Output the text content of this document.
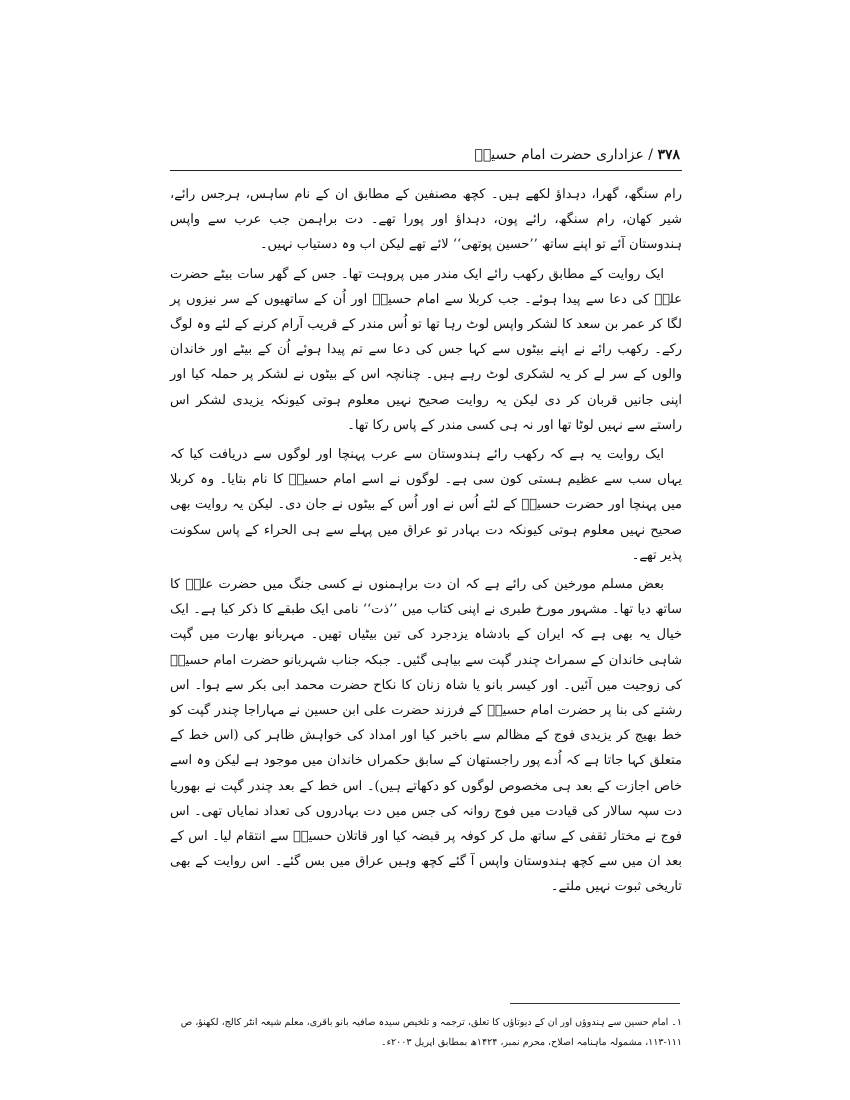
۳۷۸ / عزاداری حضرت امام حسینؑ

رام سنگھ، گھرا، دہداؤ لکھے ہیں۔ کچھ مصنفین کے مطابق ان کے نام ساہس، ہرجس رائے، شیر کھان، رام سنگھ، رائے پون، دہداؤ اور پورا تھے۔ دت براہمن جب عرب سے واپس ہندوستان آئے تو اپنے ساتھ ’’حسین پوتھی‘‘ لائے تھے لیکن اب وہ دستیاب نہیں۔

ایک روایت کے مطابق رکھب رائے ایک مندر میں پروہت تھا۔ جس کے گھر سات بیٹے حضرت علیؑ کی دعا سے پیدا ہوئے۔ جب کربلا سے امام حسینؑ اور اُن کے ساتھیوں کے سر نیزوں پر لگا کر عمر بن سعد کا لشکر واپس لوٹ رہا تھا تو اُس مندر کے قریب آرام کرنے کے لئے وہ لوگ رکے۔ رکھب رائے نے اپنے بیٹوں سے کہا جس کی دعا سے تم پیدا ہوئے اُن کے بیٹے اور خاندان والوں کے سر لے کر یہ لشکری لوٹ رہے ہیں۔ چنانچہ اس کے بیٹوں نے لشکر پر حملہ کیا اور اپنی جانیں قربان کر دی لیکن یہ روایت صحیح نہیں معلوم ہوتی کیونکہ یزیدی لشکر اس راستے سے نہیں لوٹا تھا اور نہ ہی کسی مندر کے پاس رکا تھا۔

ایک روایت یہ ہے کہ رکھب رائے ہندوستان سے عرب پہنچا اور لوگوں سے دریافت کیا کہ یہاں سب سے عظیم ہستی کون سی ہے۔ لوگوں نے اسے امام حسینؑ کا نام بتایا۔ وہ کربلا میں پہنچا اور حضرت حسینؑ کے لئے اُس نے اور اُس کے بیٹوں نے جان دی۔ لیکن یہ روایت بھی صحیح نہیں معلوم ہوتی کیونکہ دت بہادر تو عراق میں پہلے سے ہی الحراء کے پاس سکونت پذیر تھے۔

بعض مسلم مورخین کی رائے ہے کہ ان دت براہمنوں نے کسی جنگ میں حضرت علیؑ کا ساتھ دیا تھا۔ مشہور مورخ طبری نے اپنی کتاب میں ’’ذت‘‘ نامی ایک طبقے کا ذکر کیا ہے۔ ایک خیال یہ بھی ہے کہ ایران کے بادشاہ یزدجرد کی تین بیٹیاں تھیں۔ مہربانو بھارت میں گپت شاہی خاندان کے سمراٹ چندر گپت سے بیاہی گئیں۔ جبکہ جناب شہربانو حضرت امام حسینؑ کی زوجیت میں آئیں۔ اور کیسر بانو یا شاہ زنان کا نکاح حضرت محمد ابی بکر سے ہوا۔ اس رشتے کی بنا پر حضرت امام حسینؑ کے فرزند حضرت علی ابن حسین نے مہاراجا چندر گپت کو خط بھیج کر یزیدی فوج کے مظالم سے باخبر کیا اور امداد کی خواہش ظاہر کی (اس خط کے متعلق کہا جاتا ہے کہ اُدے پور راجستھان کے سابق حکمراں خاندان میں موجود ہے لیکن وہ اسے خاص اجازت کے بعد ہی مخصوص لوگوں کو دکھاتے ہیں)۔ اس خط کے بعد چندر گپت نے بھوریا دت سپہ سالار کی قیادت میں فوج روانہ کی جس میں دت بہادروں کی تعداد نمایاں تھی۔ اس فوج نے مختار ثقفی کے ساتھ مل کر کوفہ پر قبضہ کیا اور قاتلان حسینؑ سے انتقام لیا۔ اس کے بعد ان میں سے کچھ ہندوستان واپس آ گئے کچھ وہیں عراق میں بس گئے۔ اس روایت کے بھی تاریخی ثبوت نہیں ملتے۔

۱۔ امام حسین سے ہندوؤں اور ان کے دیوتاؤں کا تعلق، ترجمہ و تلخیص سیدہ صافیہ بانو باقری، معلم شیعہ انٹر کالج، لکھنؤ، ص ۱۱۱-۱۱۳، مشمولہ ماہنامہ اصلاح، محرم نمبر، ۱۴۲۴ھ بمطابق اپریل ۲۰۰۳ء۔
